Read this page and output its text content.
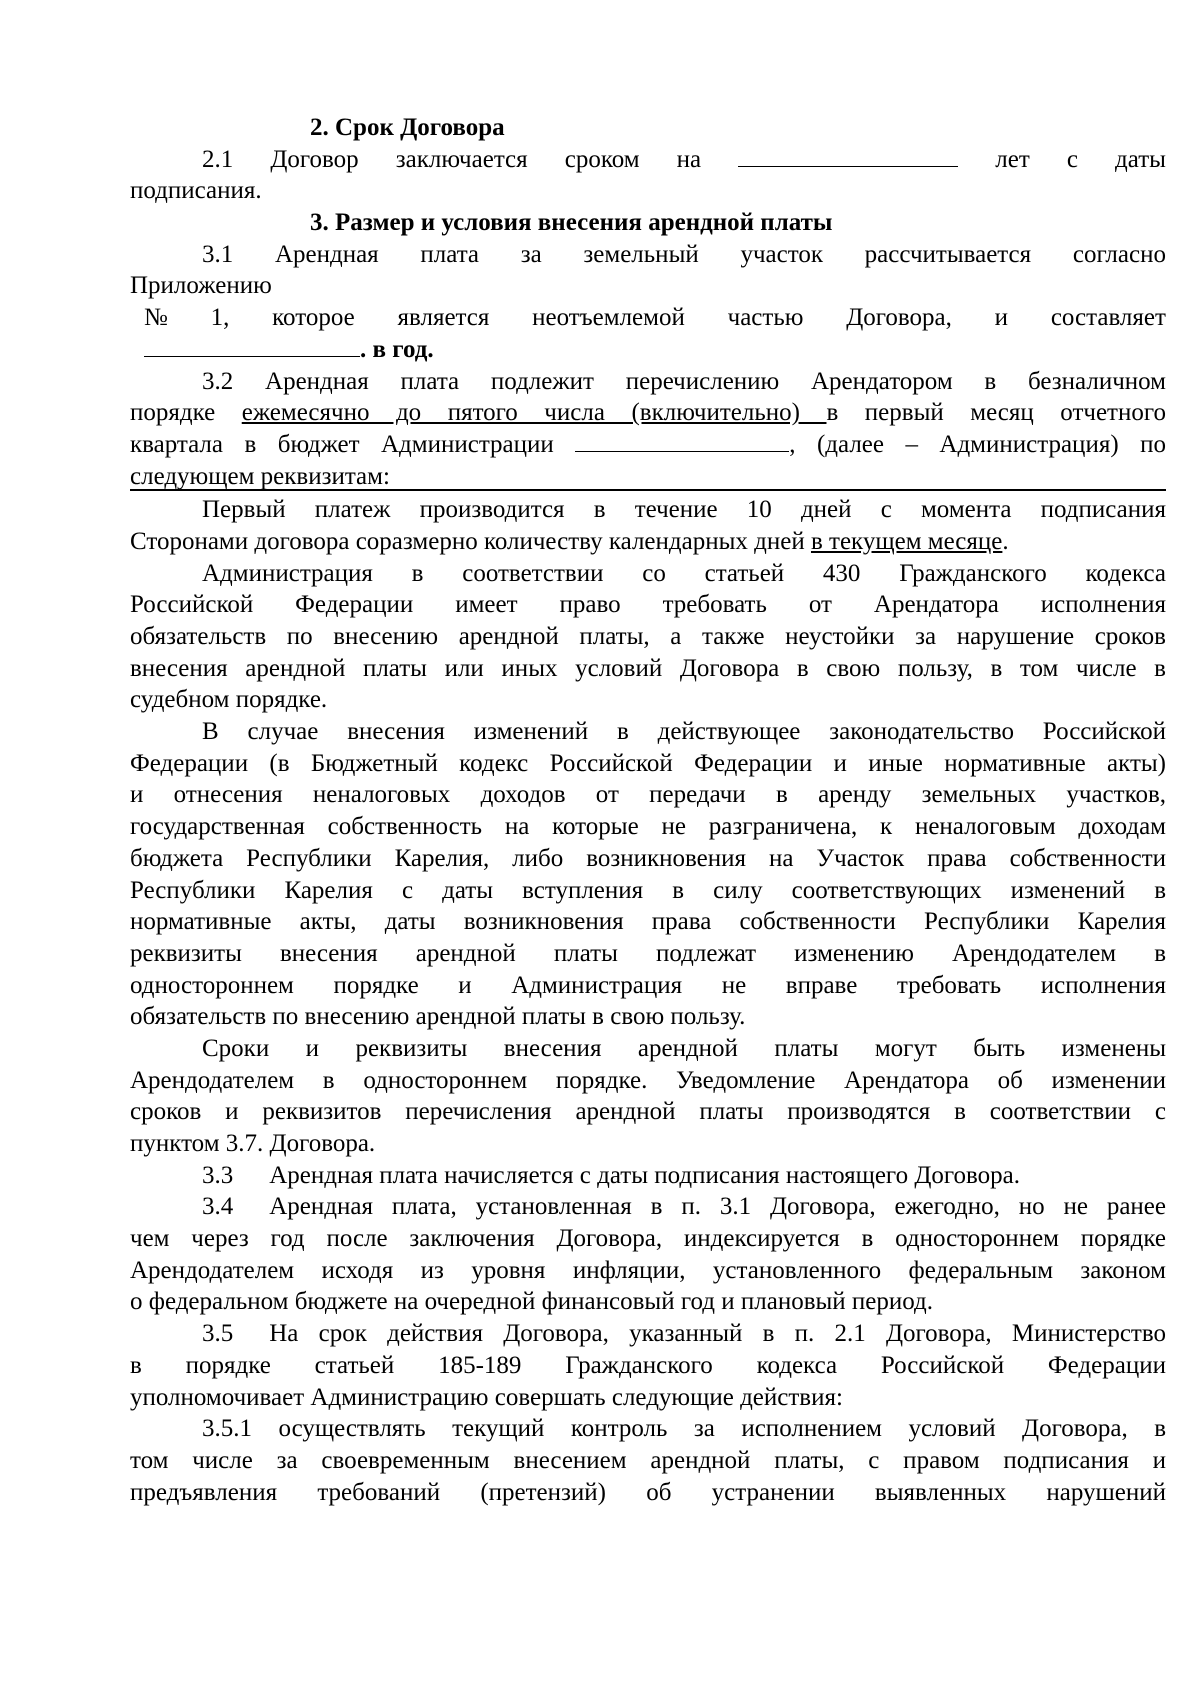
2. Срок Договора
2.1 Договор заключается сроком на	лет с даты
подписания.
3. Размер и условия внесения арендной платы
3.1 Арендная плата за земельный участок рассчитывается согласно
Приложению
№ 1, которое является неотъемлемой частью Договора, и составляет
. в год.
3.2 Арендная плата подлежит перечислению Арендатором в безналичном
порядке ежемесячно до пятого числа (включительно) в первый месяц отчетного
квартала в бюджет Администрации	, (далее – Администрация) по
следующем реквизитам:
Первый платеж производится в течение 10 дней с момента подписания
Сторонами договора соразмерно количеству календарных дней в текущем месяце.
Администрация в соответствии со статьей 430 Гражданского кодекса
Российской Федерации имеет право требовать от Арендатора исполнения
обязательств по внесению арендной платы, а также неустойки за нарушение сроков
внесения арендной платы или иных условий Договора в свою пользу, в том числе в
судебном порядке.
В случае внесения изменений в действующее законодательство Российской
Федерации (в Бюджетный кодекс Российской Федерации и иные нормативные акты)
и отнесения неналоговых доходов от передачи в аренду земельных участков,
государственная собственность на которые не разграничена, к неналоговым доходам
бюджета Республики Карелия, либо возникновения на Участок права собственности
Республики Карелия с даты вступления в силу соответствующих изменений в
нормативные акты, даты возникновения права собственности Республики Карелия
реквизиты внесения арендной платы подлежат изменению Арендодателем в
одностороннем порядке и Администрация не вправе требовать исполнения
обязательств по внесению арендной платы в свою пользу.
Сроки и реквизиты внесения арендной платы могут быть изменены
Арендодателем в одностороннем порядке. Уведомление Арендатора об изменении
сроков и реквизитов перечисления арендной платы производятся в соответствии с
пунктом 3.7. Договора.
3.3 Арендная плата начисляется с даты подписания настоящего Договора.
3.4 Арендная плата, установленная в п. 3.1 Договора, ежегодно, но не ранее
чем через год после заключения Договора, индексируется в одностороннем порядке
Арендодателем исходя из уровня инфляции, установленного федеральным законом
о федеральном бюджете на очередной финансовый год и плановый период.
3.5 На срок действия Договора, указанный в п. 2.1 Договора, Министерство
в порядке статьей 185-189 Гражданского кодекса Российской Федерации
уполномочивает Администрацию совершать следующие действия:
3.5.1 осуществлять текущий контроль за исполнением условий Договора, в
том числе за своевременным внесением арендной платы, с правом подписания и
предъявления требований (претензий) об устранении выявленных нарушений
